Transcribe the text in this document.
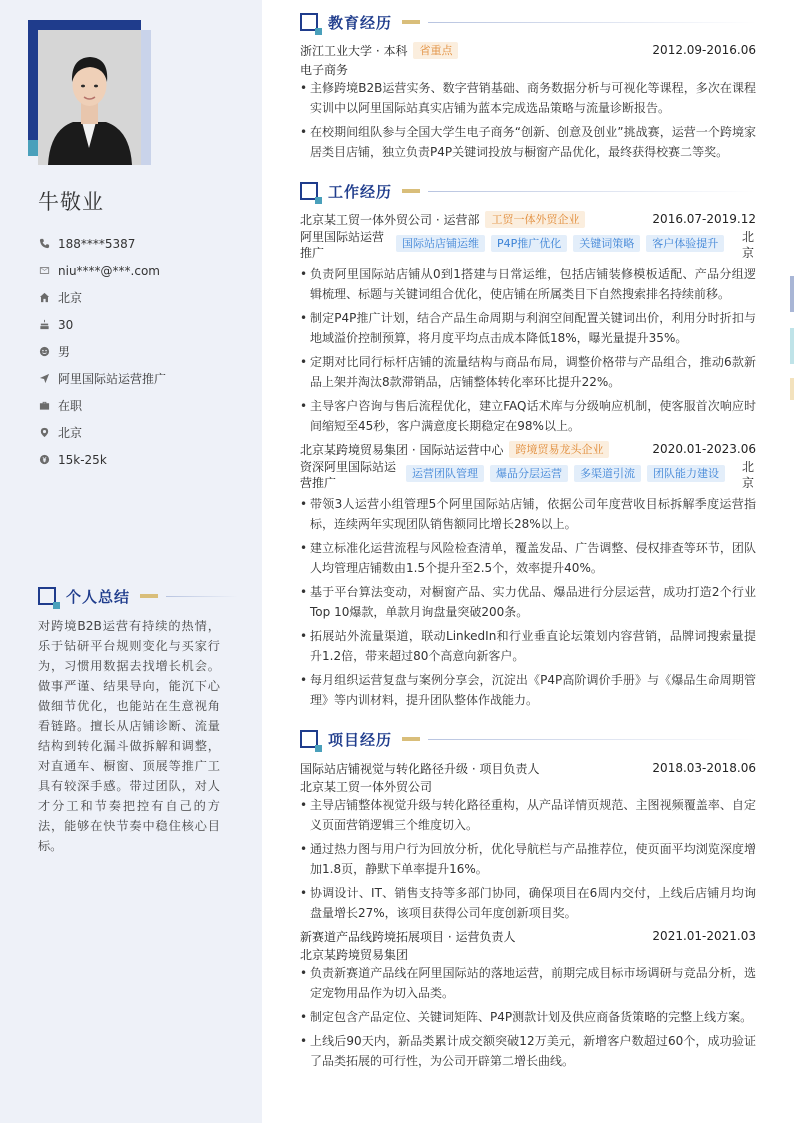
牛敬业
188****5387
niu****@***.com
北京
30
男
阿里国际站运营推广
在职
北京
15k-25k
个人总结
对跨境B2B运营有持续的热情，乐于钻研平台规则变化与买家行为，习惯用数据去找增长机会。做事严谨、结果导向，能沉下心做细节优化，也能站在生意视角看链路。擅长从店铺诊断、流量结构到转化漏斗做拆解和调整，对直通车、橱窗、顶展等推广工具有较深手感。带过团队，对人才分工和节奏把控有自己的方法，能够在快节奏中稳住核心目标。
教育经历
浙江工业大学 · 本科	省重点	2012.09-2016.06
电子商务
• 主修跨境B2B运营实务、数字营销基础、商务数据分析与可视化等课程，多次在课程实训中以阿里国际站真实店铺为蓝本完成选品策略与流量诊断报告。
• 在校期间组队参与全国大学生电子商务“创新、创意及创业”挑战赛，运营一个跨境家居类目店铺，独立负责P4P关键词投放与橱窗产品优化，最终获得校赛二等奖。
工作经历
北京某工贸一体外贸公司 · 运营部	工贸一体外贸企业	2016.07-2019.12
阿里国际站运营推广
国际站店铺运维	P4P推广优化	关键词策略	客户体验提升	北京
• 负责阿里国际站店铺从0到1搭建与日常运维，包括店铺装修模板适配、产品分组逻辑梳理、标题与关键词组合优化，使店铺在所属类目下自然搜索排名持续前移。
• 制定P4P推广计划，结合产品生命周期与利润空间配置关键词出价，利用分时折扣与地域溢价控制预算，将月度平均点击成本降低18%，曝光量提升35%。
• 定期对比同行标杆店铺的流量结构与商品布局，调整价格带与产品组合，推动6款新品上架并淘汰8款滞销品，店铺整体转化率环比提升22%。
• 主导客户咨询与售后流程优化，建立FAQ话术库与分级响应机制，使客服首次响应时间缩短至45秒，客户满意度长期稳定在98%以上。
北京某跨境贸易集团 · 国际站运营中心	跨境贸易龙头企业	2020.01-2023.06
资深阿里国际站运营推广
运营团队管理	爆品分层运营	多渠道引流	团队能力建设	北京
• 带领3人运营小组管理5个阿里国际站店铺，依据公司年度营收目标拆解季度运营指标，连续两年实现团队销售额同比增长28%以上。
• 建立标准化运营流程与风险检查清单，覆盖发品、广告调整、侵权排查等环节，团队人均管理店铺数由1.5个提升至2.5个，效率提升40%。
• 基于平台算法变动，对橱窗产品、实力优品、爆品进行分层运营，成功打造2个行业Top 10爆款，单款月询盘量突破200条。
• 拓展站外流量渠道，联动LinkedIn和行业垂直论坛策划内容营销，品牌词搜索量提升1.2倍，带来超过80个高意向新客户。
• 每月组织运营复盘与案例分享会，沉淀出《P4P高阶调价手册》与《爆品生命周期管理》等内训材料，提升团队整体作战能力。
项目经历
国际站店铺视觉与转化路径升级 · 项目负责人	2018.03-2018.06
北京某工贸一体外贸公司
• 主导店铺整体视觉升级与转化路径重构，从产品详情页规范、主图视频覆盖率、自定义页面营销逻辑三个维度切入。
• 通过热力图与用户行为回放分析，优化导航栏与产品推荐位，使页面平均浏览深度增加1.8页，静默下单率提升16%。
• 协调设计、IT、销售支持等多部门协同，确保项目在6周内交付，上线后店铺月均询盘量增长27%，该项目获得公司年度创新项目奖。
新赛道产品线跨境拓展项目 · 运营负责人	2021.01-2021.03
北京某跨境贸易集团
• 负责新赛道产品线在阿里国际站的落地运营，前期完成目标市场调研与竞品分析，选定宠物用品作为切入品类。
• 制定包含产品定位、关键词矩阵、P4P测款计划及供应商备货策略的完整上线方案。
• 上线后90天内，新品类累计成交额突破12万美元，新增客户数超过60个，成功验证了品类拓展的可行性，为公司开辟第二增长曲线。
